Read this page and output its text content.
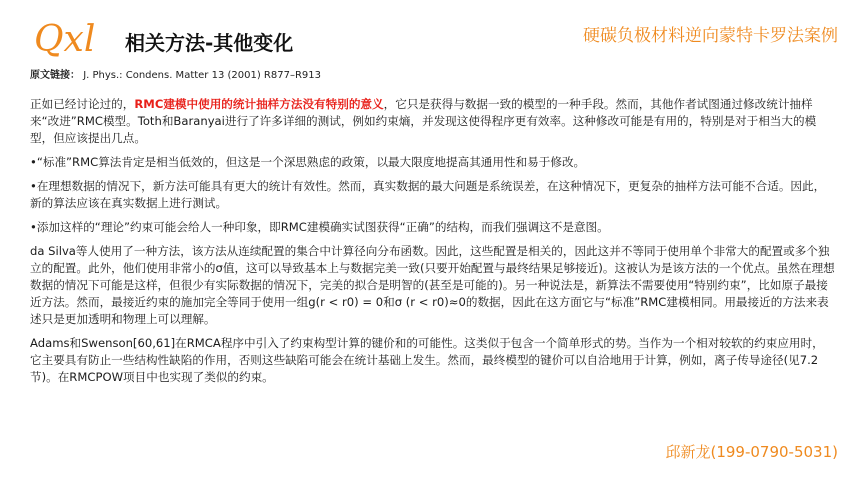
Qxl 相关方法-其他变化	硬碳负极材料逆向蒙特卡罗法案例
原文链接： J. Phys.: Condens. Matter 13 (2001) R877–R913

正如已经讨论过的，RMC建模中使用的统计抽样方法没有特别的意义，它只是获得与数据一致的模型的一种手段。然而，其他作者试图通过修改统计抽样来“改进”RMC模型。Toth和Baranyai进行了许多详细的测试，例如约束熵，并发现这使得程序更有效率。这种修改可能是有用的，特别是对于相当大的模型，但应该提出几点。

•“标准”RMC算法肯定是相当低效的，但这是一个深思熟虑的政策，以最大限度地提高其通用性和易于修改。

•在理想数据的情况下，新方法可能具有更大的统计有效性。然而，真实数据的最大问题是系统误差，在这种情况下，更复杂的抽样方法可能不合适。因此，新的算法应该在真实数据上进行测试。

•添加这样的“理论”约束可能会给人一种印象，即RMC建模确实试图获得“正确”的结构，而我们强调这不是意图。

da Silva等人使用了一种方法，该方法从连续配置的集合中计算径向分布函数。因此，这些配置是相关的，因此这并不等同于使用单个非常大的配置或多个独立的配置。此外，他们使用非常小的σ值，这可以导致基本上与数据完美一致(只要开始配置与最终结果足够接近)。这被认为是该方法的一个优点。虽然在理想数据的情况下可能是这样，但很少有实际数据的情况下，完美的拟合是明智的(甚至是可能的)。另一种说法是，新算法不需要使用“特别约束”，比如原子最接近方法。然而，最接近约束的施加完全等同于使用一组g(r < r0) = 0和σ (r < r0)≈0的数据，因此在这方面它与“标准”RMC建模相同。用最接近的方法来表述只是更加透明和物理上可以理解。

Adams和Swenson[60,61]在RMCA程序中引入了约束构型计算的键价和的可能性。这类似于包含一个简单形式的势。当作为一个相对较软的约束应用时，它主要具有防止一些结构性缺陷的作用，否则这些缺陷可能会在统计基础上发生。然而，最终模型的键价可以自洽地用于计算，例如，离子传导途径(见7.2节)。在RMCPOW项目中也实现了类似的约束。

邱新龙(199-0790-5031)
